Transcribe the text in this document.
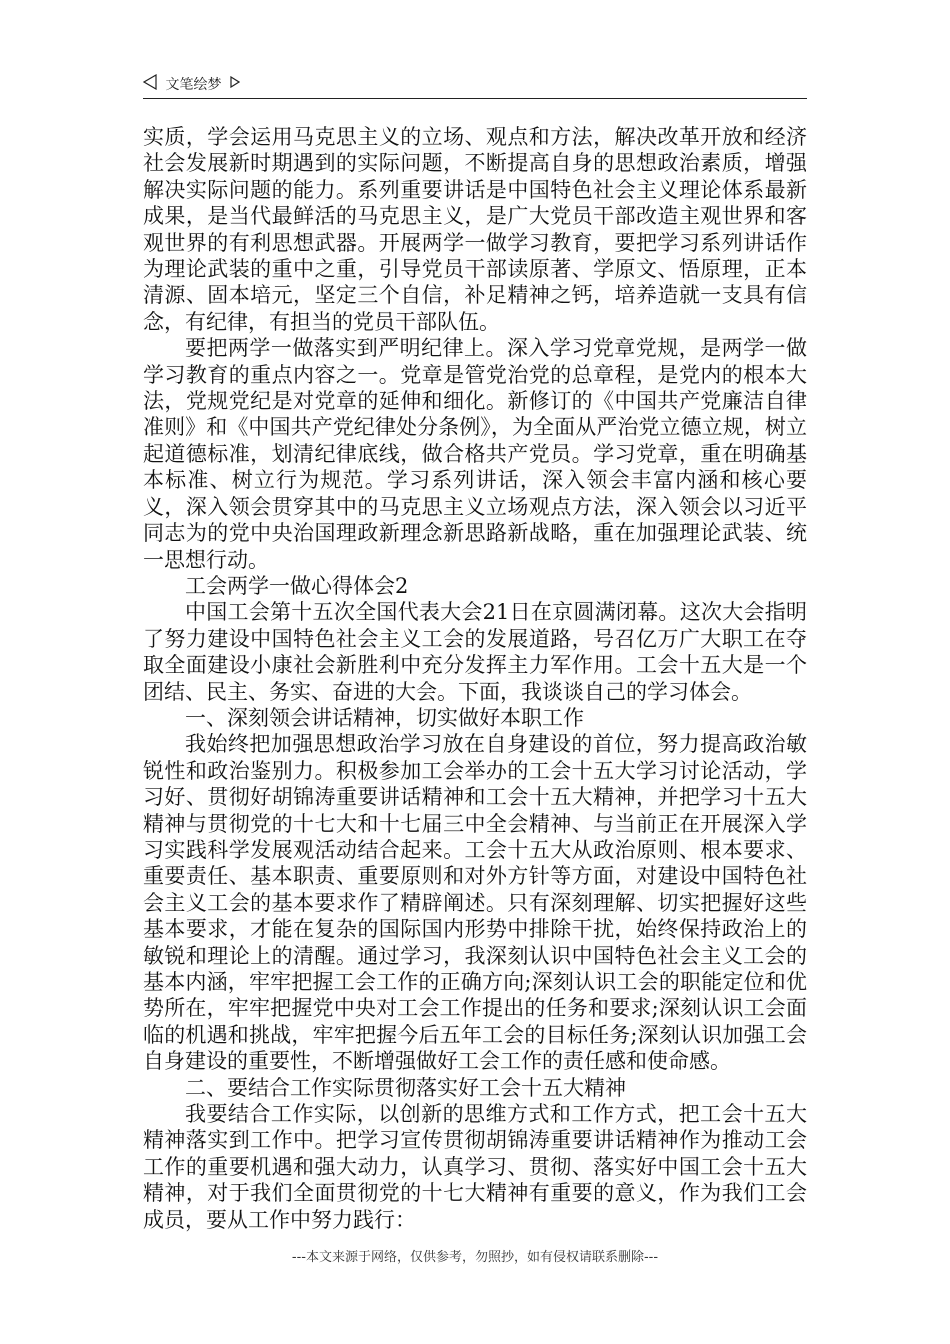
文笔绘梦

实质，学会运用马克思主义的立场、观点和方法，解决改革开放和经济社会发展新时期遇到的实际问题，不断提高自身的思想政治素质，增强解决实际问题的能力。系列重要讲话是中国特色社会主义理论体系最新成果，是当代最鲜活的马克思主义，是广大党员干部改造主观世界和客观世界的有利思想武器。开展两学一做学习教育，要把学习系列讲话作为理论武装的重中之重，引导党员干部读原著、学原文、悟原理，正本清源、固本培元，坚定三个自信，补足精神之钙，培养造就一支具有信念，有纪律，有担当的党员干部队伍。

要把两学一做落实到严明纪律上。深入学习党章党规，是两学一做学习教育的重点内容之一。党章是管党治党的总章程，是党内的根本大法，党规党纪是对党章的延伸和细化。新修订的《中国共产党廉洁自律准则》和《中国共产党纪律处分条例》，为全面从严治党立德立规，树立起道德标准，划清纪律底线，做合格共产党员。学习党章，重在明确基本标准、树立行为规范。学习系列讲话，深入领会丰富内涵和核心要义，深入领会贯穿其中的马克思主义立场观点方法，深入领会以习近平同志为的党中央治国理政新理念新思路新战略，重在加强理论武装、统一思想行动。

工会两学一做心得体会2

中国工会第十五次全国代表大会21日在京圆满闭幕。这次大会指明了努力建设中国特色社会主义工会的发展道路，号召亿万广大职工在夺取全面建设小康社会新胜利中充分发挥主力军作用。工会十五大是一个团结、民主、务实、奋进的大会。下面，我谈谈自己的学习体会。

一、深刻领会讲话精神，切实做好本职工作

我始终把加强思想政治学习放在自身建设的首位，努力提高政治敏锐性和政治鉴别力。积极参加工会举办的工会十五大学习讨论活动，学习好、贯彻好胡锦涛重要讲话精神和工会十五大精神，并把学习十五大精神与贯彻党的十七大和十七届三中全会精神、与当前正在开展深入学习实践科学发展观活动结合起来。工会十五大从政治原则、根本要求、重要责任、基本职责、重要原则和对外方针等方面，对建设中国特色社会主义工会的基本要求作了精辟阐述。只有深刻理解、切实把握好这些基本要求，才能在复杂的国际国内形势中排除干扰，始终保持政治上的敏锐和理论上的清醒。通过学习，我深刻认识中国特色社会主义工会的基本内涵，牢牢把握工会工作的正确方向;深刻认识工会的职能定位和优势所在，牢牢把握党中央对工会工作提出的任务和要求;深刻认识工会面临的机遇和挑战，牢牢把握今后五年工会的目标任务;深刻认识加强工会自身建设的重要性，不断增强做好工会工作的责任感和使命感。

二、要结合工作实际贯彻落实好工会十五大精神

我要结合工作实际，以创新的思维方式和工作方式，把工会十五大精神落实到工作中。把学习宣传贯彻胡锦涛重要讲话精神作为推动工会工作的重要机遇和强大动力，认真学习、贯彻、落实好中国工会十五大精神，对于我们全面贯彻党的十七大精神有重要的意义，作为我们工会成员，要从工作中努力践行：

---本文来源于网络，仅供参考，勿照抄，如有侵权请联系删除---
